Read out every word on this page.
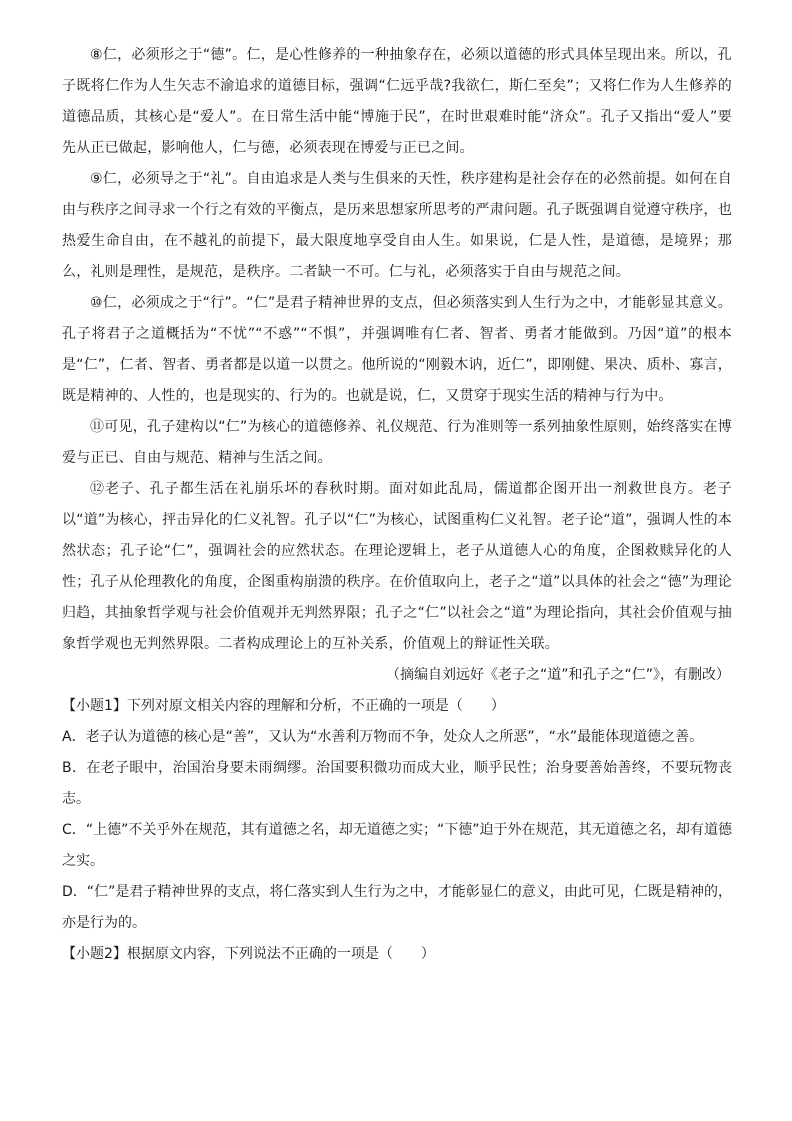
⑧仁，必须形之于“德”。仁，是心性修养的一种抽象存在，必须以道德的形式具体呈现出来。所以，孔子既将仁作为人生矢志不渝追求的道德目标，强调“仁远乎哉?我欲仁，斯仁至矣”；又将仁作为人生修养的道德品质，其核心是“爱人”。在日常生活中能“博施于民”，在时世艰难时能“济众”。孔子又指出“爱人”要先从正已做起，影响他人，仁与德，必须表现在博爱与正已之间。

⑨仁，必须导之于“礼”。自由追求是人类与生俱来的天性，秩序建构是社会存在的必然前提。如何在自由与秩序之间寻求一个行之有效的平衡点，是历来思想家所思考的严肃问题。孔子既强调自觉遵守秩序，也热爱生命自由，在不越礼的前提下，最大限度地享受自由人生。如果说，仁是人性，是道德，是境界；那么，礼则是理性，是规范，是秩序。二者缺一不可。仁与礼，必须落实于自由与规范之间。

⑩仁，必须成之于“行”。“仁”是君子精神世界的支点，但必须落实到人生行为之中，才能彰显其意义。孔子将君子之道概括为“不忧”“不惑”“不惧”，并强调唯有仁者、智者、勇者才能做到。乃因“道”的根本是“仁”，仁者、智者、勇者都是以道一以贯之。他所说的“刚毅木讷，近仁”，即刚健、果决、质朴、寡言，既是精神的、人性的，也是现实的、行为的。也就是说，仁，又贯穿于现实生活的精神与行为中。

⑪可见，孔子建构以“仁”为核心的道德修养、礼仪规范、行为准则等一系列抽象性原则，始终落实在博爱与正已、自由与规范、精神与生活之间。

⑫老子、孔子都生活在礼崩乐坏的春秋时期。面对如此乱局，儒道都企图开出一剂救世良方。老子以“道”为核心，抨击异化的仁义礼智。孔子以“仁”为核心，试图重构仁义礼智。老子论“道”，强调人性的本然状态；孔子论“仁”，强调社会的应然状态。在理论逻辑上，老子从道德人心的角度，企图救赎异化的人性；孔子从伦理教化的角度，企图重构崩溃的秩序。在价值取向上，老子之“道”以具体的社会之“德”为理论归趋，其抽象哲学观与社会价值观并无判然界限；孔子之“仁”以社会之“道”为理论指向，其社会价值观与抽象哲学观也无判然界限。二者构成理论上的互补关系，价值观上的辩证性关联。

（摘编自刘远好《老子之“道”和孔子之“仁”》，有删改）

【小题1】下列对原文相关内容的理解和分析，不正确的一项是（　　）

A．老子认为道德的核心是“善”，又认为“水善利万物而不争，处众人之所恶”，“水”最能体现道德之善。

B．在老子眼中，治国治身要未雨绸缪。治国要积微功而成大业，顺乎民性；治身要善始善终，不要玩物丧志。

C．“上德”不关乎外在规范，其有道德之名，却无道德之实；“下德”迫于外在规范，其无道德之名，却有道德之实。

D．“仁”是君子精神世界的支点，将仁落实到人生行为之中，才能彰显仁的意义，由此可见，仁既是精神的，亦是行为的。

【小题2】根据原文内容，下列说法不正确的一项是（　　）
